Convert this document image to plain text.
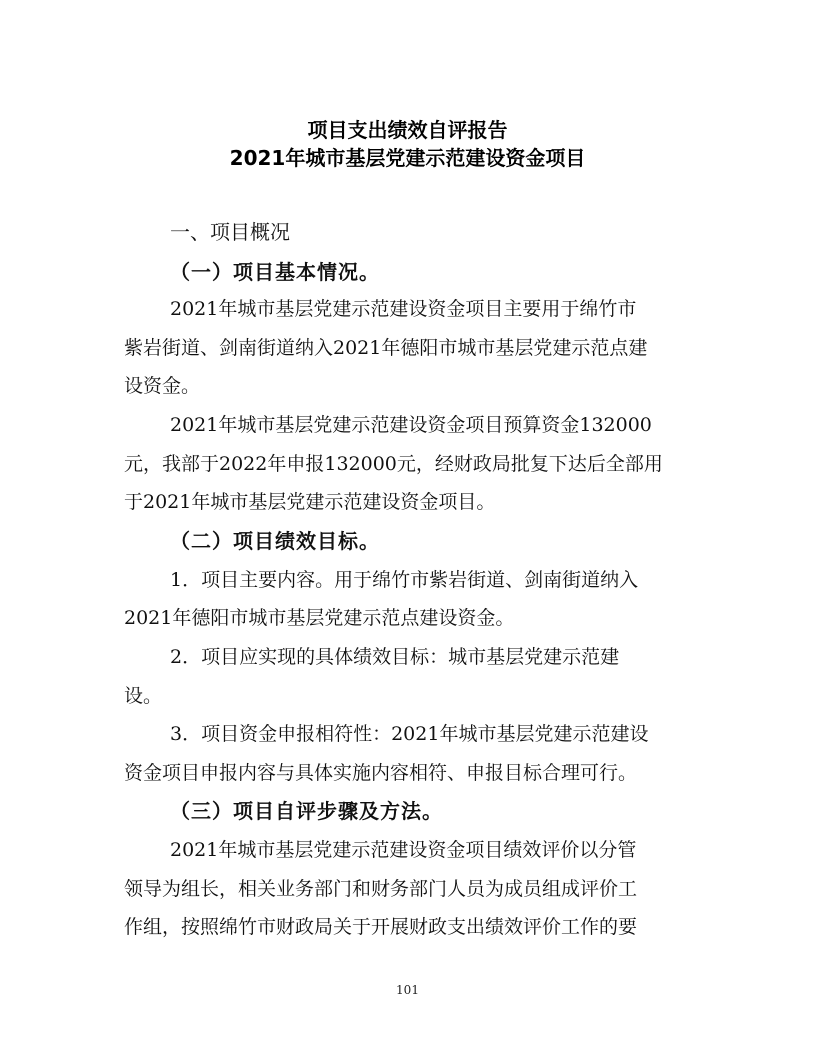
项目支出绩效自评报告
2021年城市基层党建示范建设资金项目
一、项目概况
（一）项目基本情况。
2021年城市基层党建示范建设资金项目主要用于绵竹市
紫岩街道、剑南街道纳入2021年德阳市城市基层党建示范点建
设资金。
2021年城市基层党建示范建设资金项目预算资金132000
元，我部于2022年申报132000元，经财政局批复下达后全部用
于2021年城市基层党建示范建设资金项目。
（二）项目绩效目标。
1．项目主要内容。用于绵竹市紫岩街道、剑南街道纳入
2021年德阳市城市基层党建示范点建设资金。
2．项目应实现的具体绩效目标：城市基层党建示范建
设。
3．项目资金申报相符性：2021年城市基层党建示范建设
资金项目申报内容与具体实施内容相符、申报目标合理可行。
（三）项目自评步骤及方法。
2021年城市基层党建示范建设资金项目绩效评价以分管
领导为组长，相关业务部门和财务部门人员为成员组成评价工
作组，按照绵竹市财政局关于开展财政支出绩效评价工作的要
101
